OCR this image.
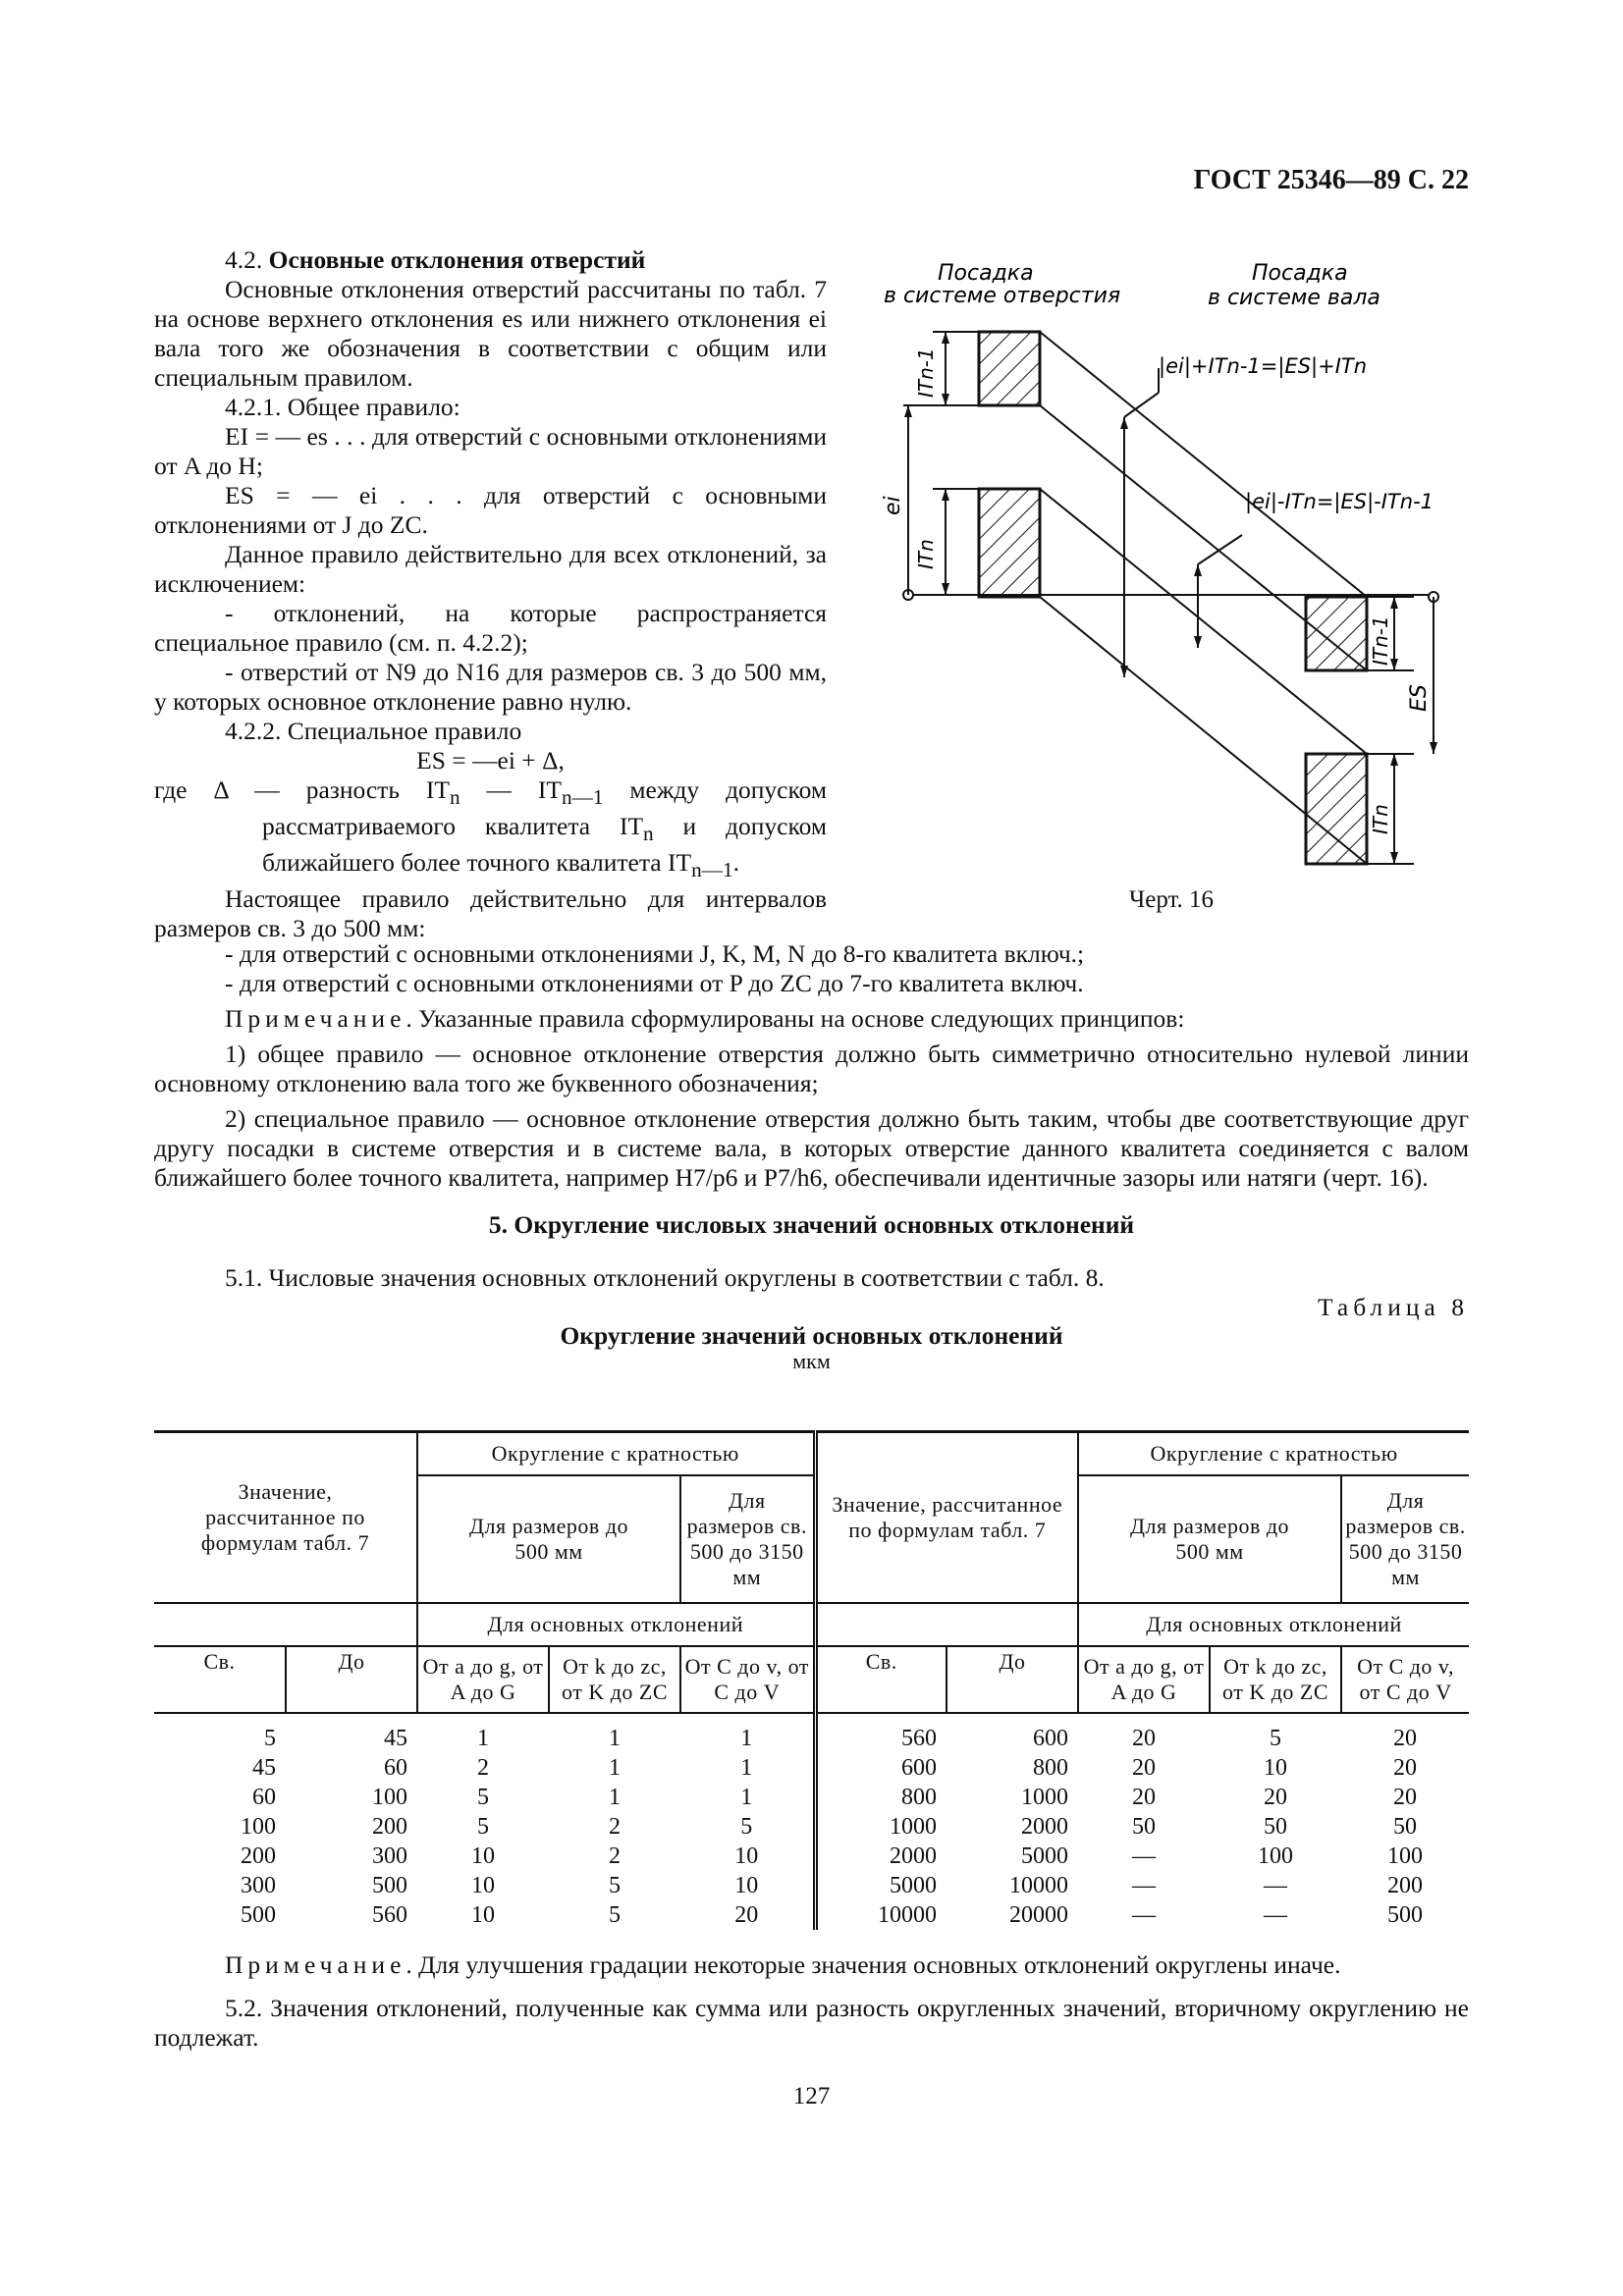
ГОСТ 25346—89 С. 22

4.2. Основные отклонения отверстий

Основные отклонения отверстий рассчитаны по табл. 7 на основе верхнего отклонения es или нижнего отклонения ei вала того же обозначения в соответствии с общим или специальным правилом.

4.2.1. Общее правило:

EI = — es . . . для отверстий с основными отклонениями от A до H;

ES = — ei . . . для отверстий с основными отклонениями от J до ZC.

Данное правило действительно для всех отклонений, за исключением:

- отклонений, на которые распространяется специальное правило (см. п. 4.2.2);

- отверстий от N9 до N16 для размеров св. 3 до 500 мм, у которых основное отклонение равно нулю.

4.2.2. Специальное правило

ES = —ei + Δ,

где Δ — разность $IT_n$ — $IT_{n—1}$ между допуском рассматриваемого квалитета $IT_n$ и допуском ближайшего более точного квалитета $IT_{n—1}$.

Настоящее правило действительно для интервалов размеров св. 3 до 500 мм:

Посадка
в системе отверстия
Посадка
в системе вала
|ei|+ITn-1=|ES|+ITn
|ei|-ITn=|ES|-ITn-1
ITn-1
ITn
ei
ITn-1
ES
ITn
Черт. 16

- для отверстий с основными отклонениями J, K, M, N до 8-го квалитета включ.;

- для отверстий с основными отклонениями от P до ZC до 7-го квалитета включ.

Примечание. Указанные правила сформулированы на основе следующих принципов:

1) общее правило — основное отклонение отверстия должно быть симметрично относительно нулевой линии основному отклонению вала того же буквенного обозначения;

2) специальное правило — основное отклонение отверстия должно быть таким, чтобы две соответствующие друг другу посадки в системе отверстия и в системе вала, в которых отверстие данного квалитета соединяется с валом ближайшего более точного квалитета, например H7/p6 и P7/h6, обеспечивали идентичные зазоры или натяги (черт. 16).

5. Округление числовых значений основных отклонений

5.1. Числовые значения основных отклонений округлены в соответствии с табл. 8.

Таблица 8

Округление значений основных отклонений

мкм

Значение, рассчитанное по формулам табл. 7		Округление с кратностью			Значение, рассчитанное по формулам табл. 7		Округление с кратностью		
		Для размеров до 500 мм		Для размеров св. 500 до 3150 мм			Для размеров до 500 мм		Для размеров св. 500 до 3150 мм
		Для основных отклонений					Для основных отклонений		
Св.	До	От a до g, от A до G	От k до zc, от K до ZC	От C до v, от C до V	Св.	До	От a до g, от A до G	От k до zc, от K до ZC	От C до v, от C до V
5	45	1	1	1	560	600	20	5	20
45	60	2	1	1	600	800	20	10	20
60	100	5	1	1	800	1000	20	20	20
100	200	5	2	5	1000	2000	50	50	50
200	300	10	2	10	2000	5000	—	100	100
300	500	10	5	10	5000	10000	—	—	200
500	560	10	5	20	10000	20000	—	—	500

Примечание. Для улучшения градации некоторые значения основных отклонений округлены иначе.

5.2. Значения отклонений, полученные как сумма или разность округленных значений, вторичному округлению не подлежат.

127
